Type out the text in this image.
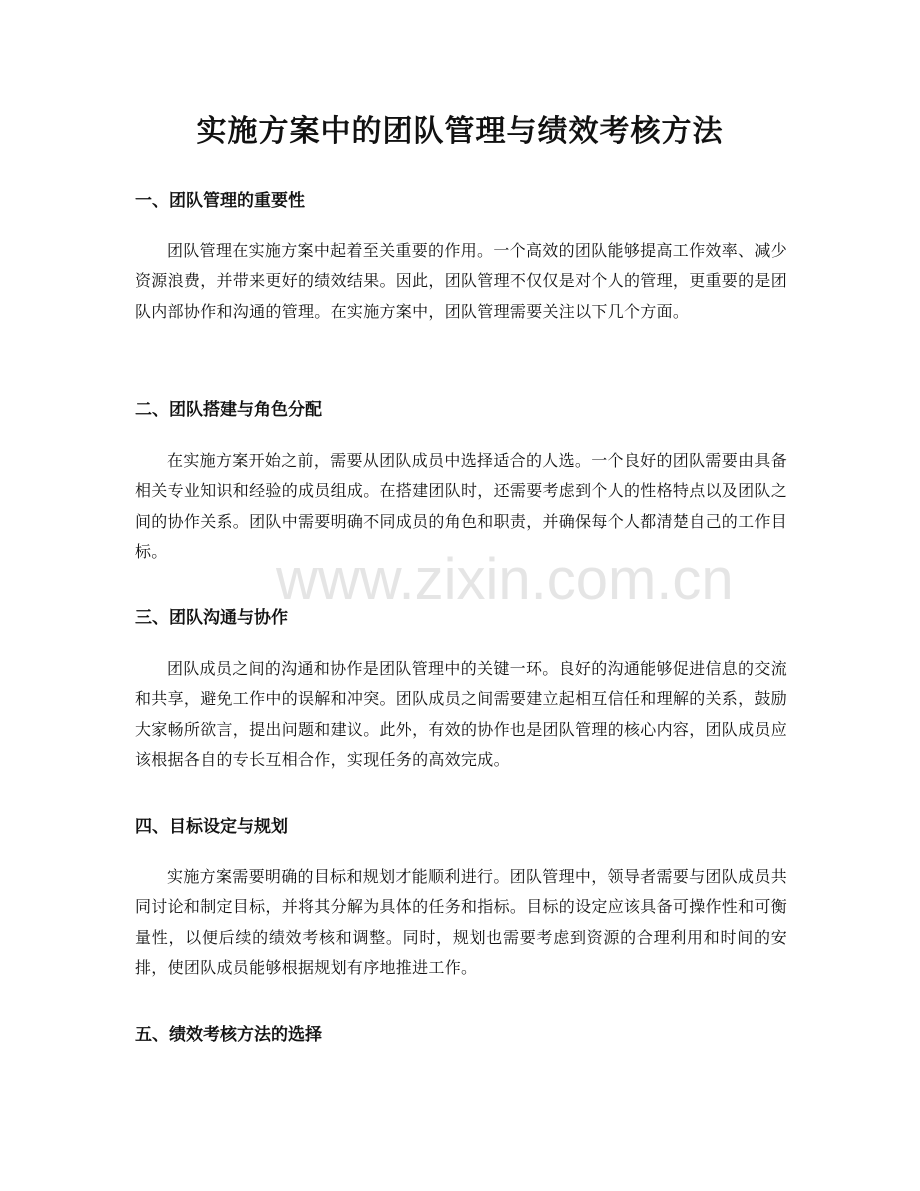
实施方案中的团队管理与绩效考核方法
一、团队管理的重要性

团队管理在实施方案中起着至关重要的作用。一个高效的团队能够提高工作效率、减少资源浪费，并带来更好的绩效结果。因此，团队管理不仅仅是对个人的管理，更重要的是团队内部协作和沟通的管理。在实施方案中，团队管理需要关注以下几个方面。

二、团队搭建与角色分配

在实施方案开始之前，需要从团队成员中选择适合的人选。一个良好的团队需要由具备相关专业知识和经验的成员组成。在搭建团队时，还需要考虑到个人的性格特点以及团队之间的协作关系。团队中需要明确不同成员的角色和职责，并确保每个人都清楚自己的工作目标。

三、团队沟通与协作

团队成员之间的沟通和协作是团队管理中的关键一环。良好的沟通能够促进信息的交流和共享，避免工作中的误解和冲突。团队成员之间需要建立起相互信任和理解的关系，鼓励大家畅所欲言，提出问题和建议。此外，有效的协作也是团队管理的核心内容，团队成员应该根据各自的专长互相合作，实现任务的高效完成。

四、目标设定与规划

实施方案需要明确的目标和规划才能顺利进行。团队管理中，领导者需要与团队成员共同讨论和制定目标，并将其分解为具体的任务和指标。目标的设定应该具备可操作性和可衡量性，以便后续的绩效考核和调整。同时，规划也需要考虑到资源的合理利用和时间的安排，使团队成员能够根据规划有序地推进工作。

五、绩效考核方法的选择
www.zixin.com.cn
